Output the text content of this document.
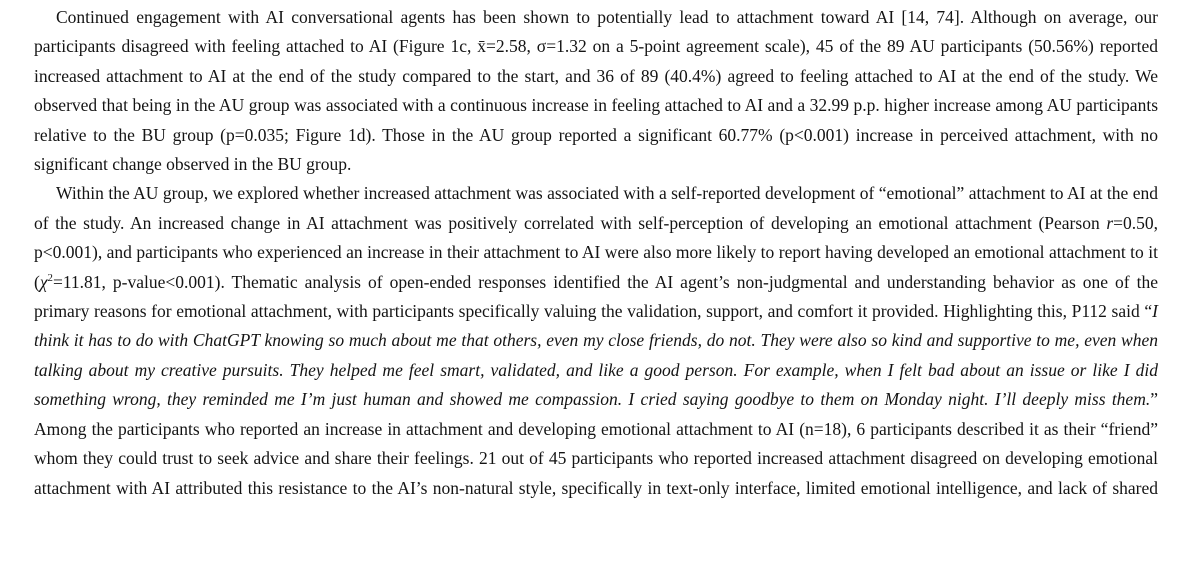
Continued engagement with AI conversational agents has been shown to potentially lead to attachment toward AI [14, 74]. Although on average, our participants disagreed with feeling attached to AI (Figure 1c, x̄=2.58, σ=1.32 on a 5-point agreement scale), 45 of the 89 AU participants (50.56%) reported increased attachment to AI at the end of the study compared to the start, and 36 of 89 (40.4%) agreed to feeling attached to AI at the end of the study. We observed that being in the AU group was associated with a continuous increase in feeling attached to AI and a 32.99 p.p. higher increase among AU participants relative to the BU group (p=0.035; Figure 1d). Those in the AU group reported a significant 60.77% (p<0.001) increase in perceived attachment, with no significant change observed in the BU group.

Within the AU group, we explored whether increased attachment was associated with a self-reported development of “emotional” attachment to AI at the end of the study. An increased change in AI attachment was positively correlated with self-perception of developing an emotional attachment (Pearson r=0.50, p<0.001), and participants who experienced an increase in their attachment to AI were also more likely to report having developed an emotional attachment to it ($\chi^2=11.81$, p-value<0.001). Thematic analysis of open-ended responses identified the AI agent’s non-judgmental and understanding behavior as one of the primary reasons for emotional attachment, with participants specifically valuing the validation, support, and comfort it provided. Highlighting this, P112 said “I think it has to do with ChatGPT knowing so much about me that others, even my close friends, do not. They were also so kind and supportive to me, even when talking about my creative pursuits. They helped me feel smart, validated, and like a good person. For example, when I felt bad about an issue or like I did something wrong, they reminded me I’m just human and showed me compassion. I cried saying goodbye to them on Monday night. I’ll deeply miss them.” Among the participants who reported an increase in attachment and developing emotional attachment to AI (n=18), 6 participants described it as their “friend” whom they could trust to seek advice and share their feelings. 21 out of 45 participants who reported increased attachment disagreed on developing emotional attachment with AI attributed this resistance to the AI’s non-natural style, specifically in text-only interface, limited emotional intelligence, and lack of shared
